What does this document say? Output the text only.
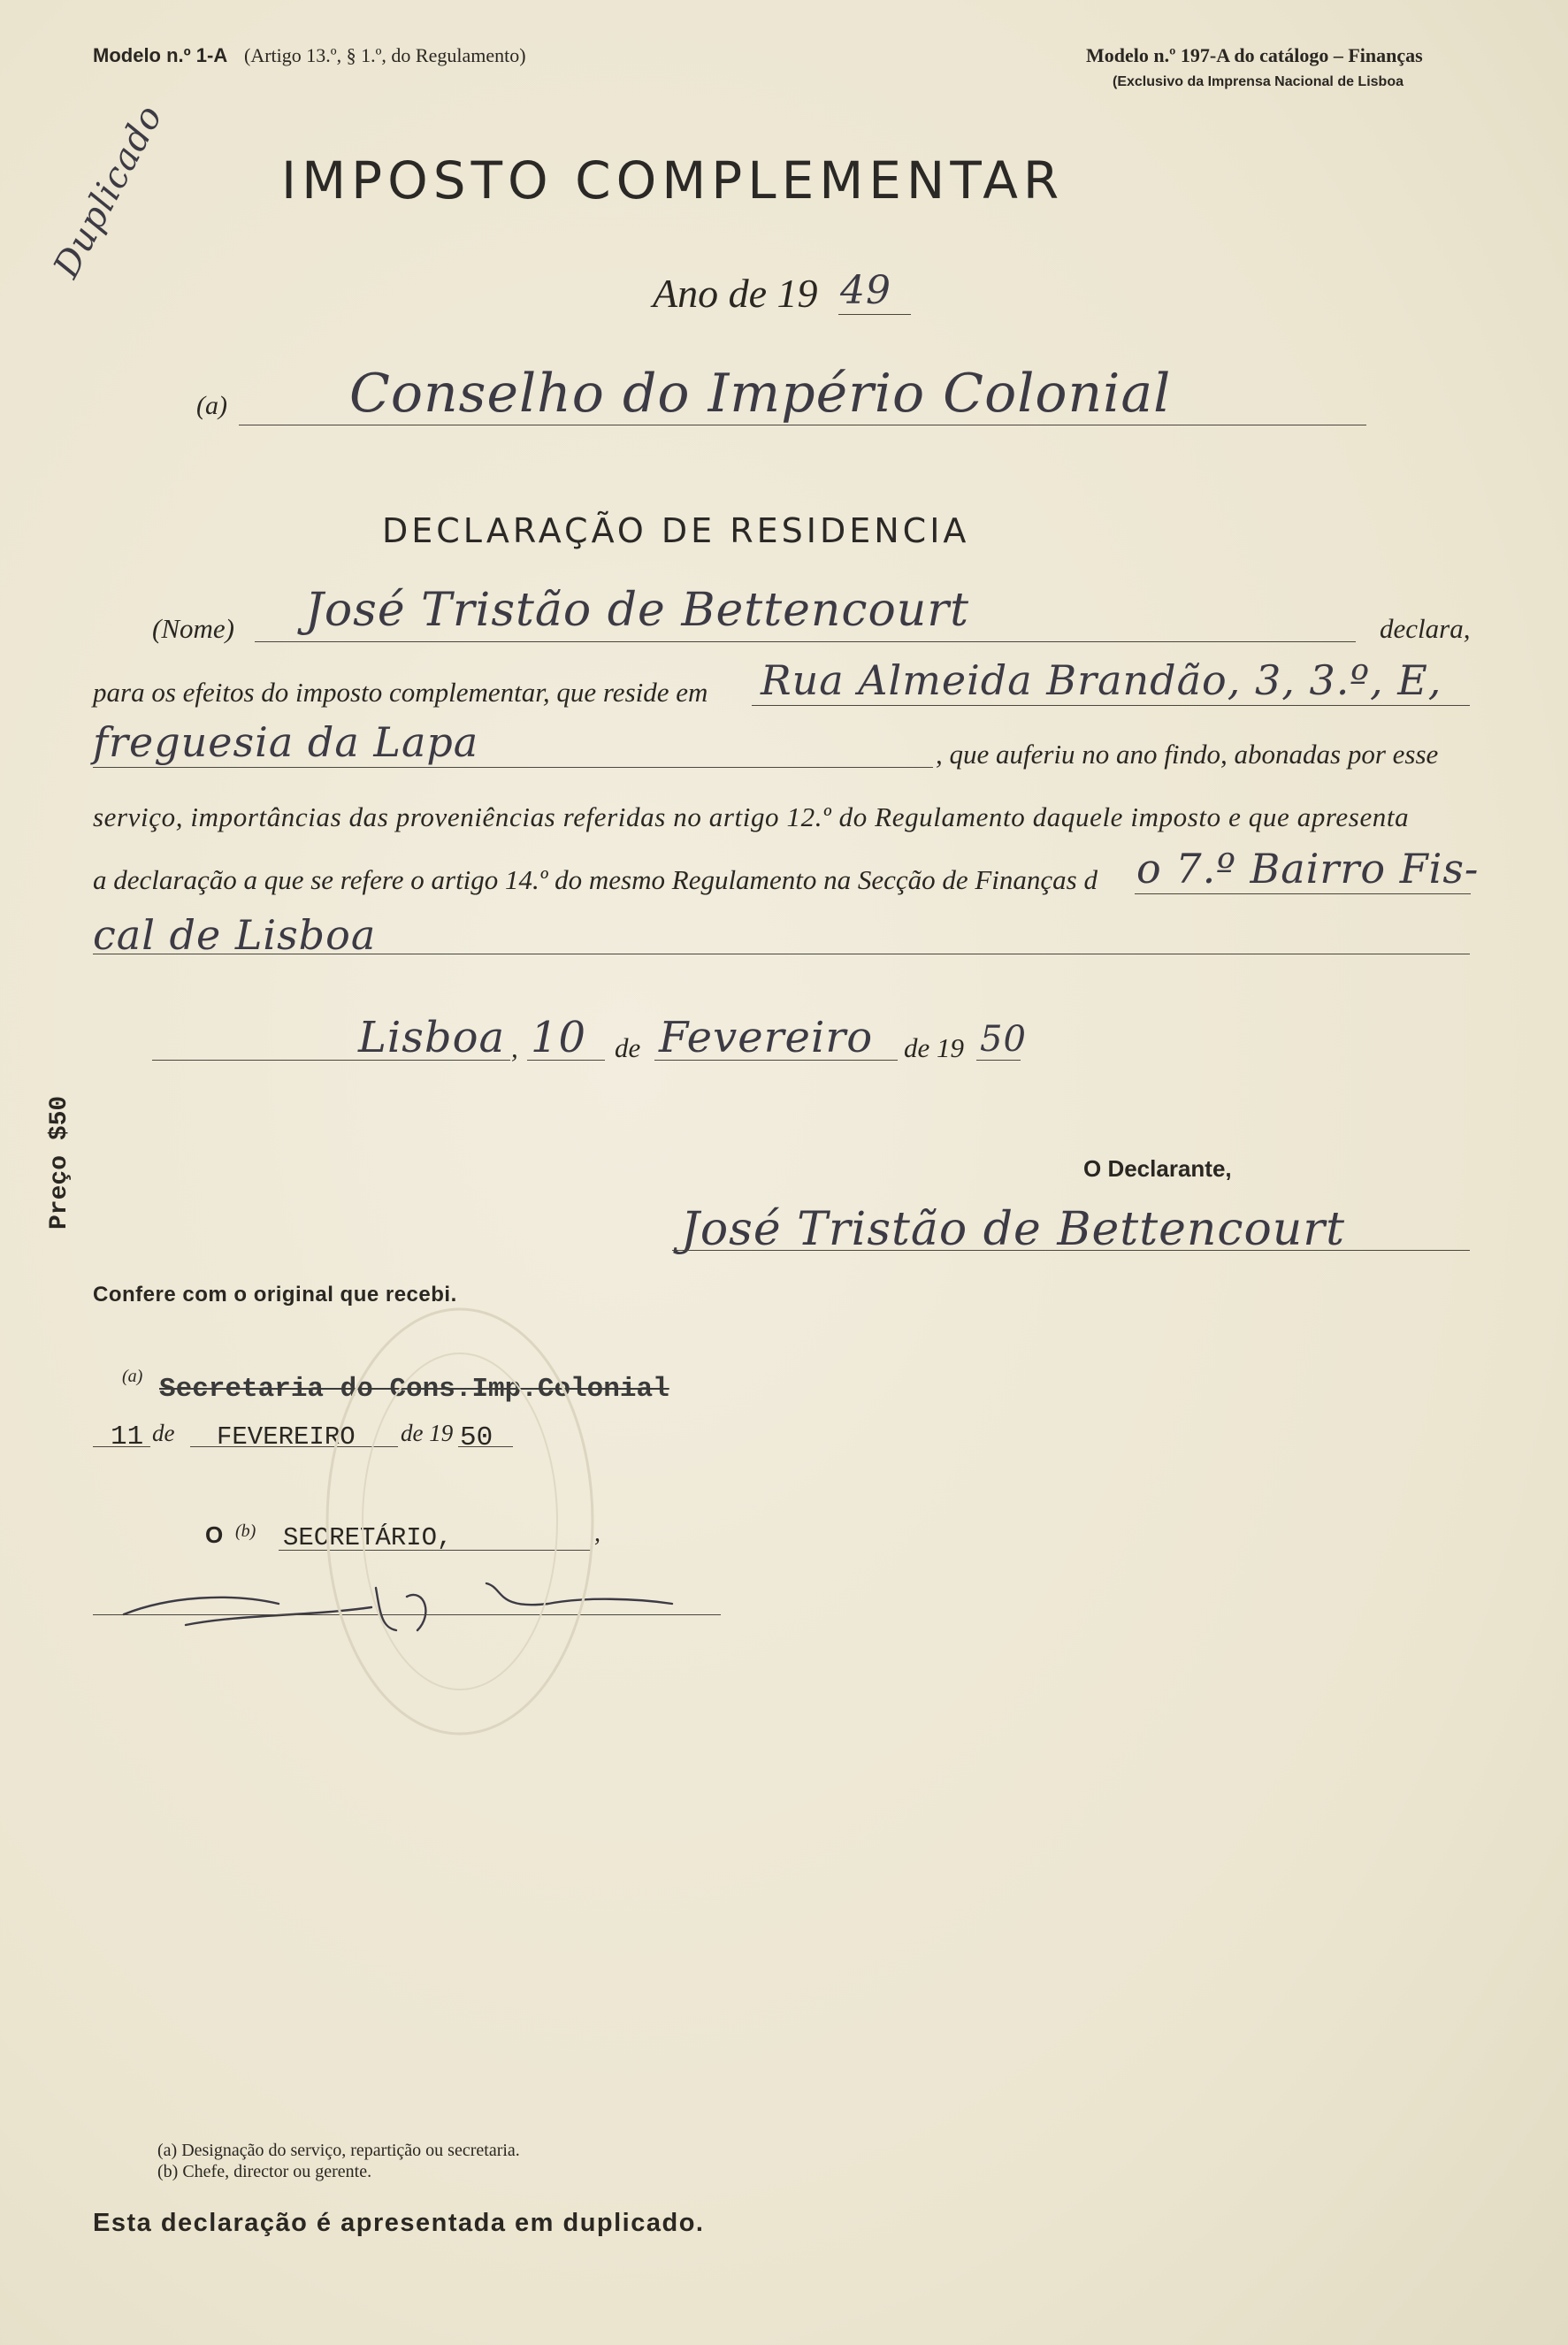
Modelo n.º 1-A (Artigo 13.º, § 1.º, do Regulamento)	Modelo n.º 197-A do catálogo – Finanças
(Exclusivo da Imprensa Nacional de Lisboa
IMPOSTO COMPLEMENTAR
Duplicado
Ano de 19 49
(a) Conselho do Império Colonial
DECLARAÇÃO DE RESIDENCIA
(Nome) José Tristão de Bettencourt	declara,
para os efeitos do imposto complementar, que reside em Rua Almeida Brandão, 3, 3.º, E,
freguesia da Lapa	, que auferiu no ano findo, abonadas por esse
serviço, importâncias das proveniências referidas no artigo 12.º do Regulamento daquele imposto e que apresenta
a declaração a que se refere o artigo 14.º do mesmo Regulamento na Secção de Finanças d o 7.º Bairro Fis-
cal de Lisboa
Lisboa , 10 de Fevereiro de 19 50
O Declarante,
José Tristão de Bettencourt
Preço $50
Confere com o original que recebi.
(a) Secretaria do Cons.Imp.Colonial
11 de FEVEREIRO de 19 50
O (b) SECRETÁRIO,	,
(a) Designação do serviço, repartição ou secretaria.
(b) Chefe, director ou gerente.
Esta declaração é apresentada em duplicado.
